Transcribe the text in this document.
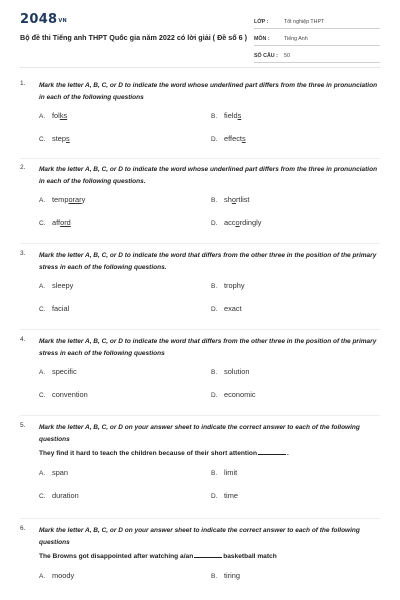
2048VN
Bộ đề thi Tiếng anh THPT Quốc gia năm 2022 có lời giải ( Đề số 6 )
LỚP :	Tốt nghiệp THPT
MÔN :	Tiếng Anh
SỐ CÂU :	50
1.	Mark the letter A, B, C, or D to indicate the word whose underlined part differs from the three in pronunciation in each of the following questions
A. folks	B. fields
C. steps	D. effects
2.	Mark the letter A, B, C, or D to indicate the word whose underlined part differs from the three in pronunciation in each of the following questions.
A. temporary	B. shortlist
C. afford	D. accordingly
3.	Mark the letter A, B, C, or D to indicate the word that differs from the other three in the position of the primary stress in each of the following questions.
A. sleepy	B. trophy
C. facial	D. exact
4.	Mark the letter A, B, C, or D to indicate the word that differs from the other three in the position of the primary stress in each of the following questions
A. specific	B. solution
C. convention	D. economic
5.	Mark the letter A, B, C, or D on your answer sheet to indicate the correct answer to each of the following questions
They find it hard to teach the children because of their short attention	.
A. span	B. limit
C. duration	D. time
6.	Mark the letter A, B, C, or D on your answer sheet to indicate the correct answer to each of the following questions
The Browns got disappointed after watching a/an	basketball match
A. moody	B. tiring
